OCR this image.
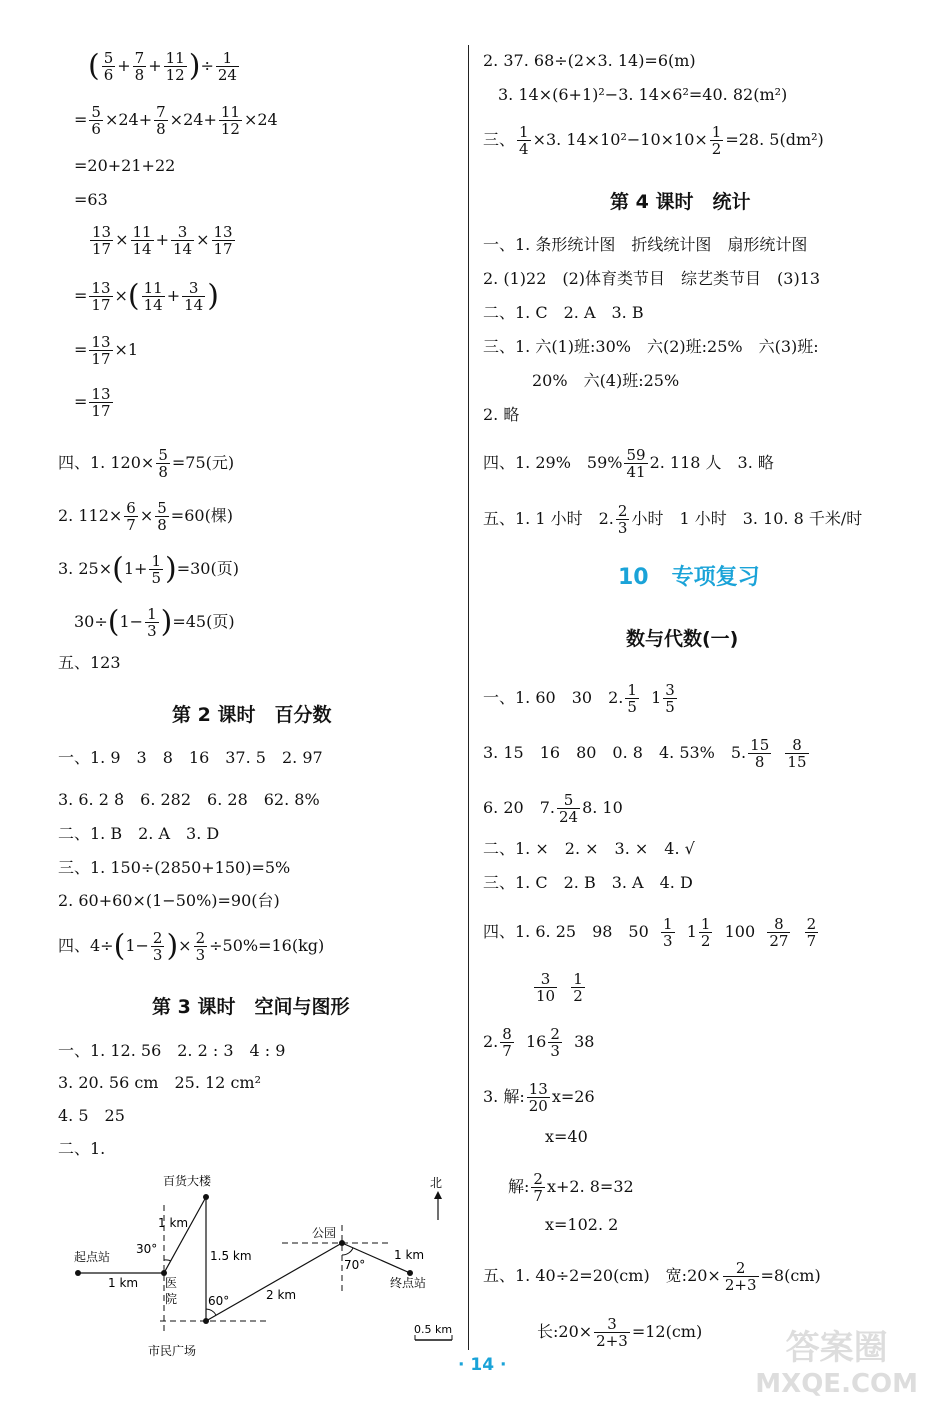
( $\frac{5}{6} + \frac{7}{8} + \frac{11}{12}$ )÷ $\frac{1}{24}$
= $\frac{5}{6} \times 24+ \frac{7}{8} \times 24+ \frac{11}{12} \times 24$
=20+21+22
=63
$\frac{13}{17} \times \frac{11}{14} + \frac{3}{14} \times \frac{13}{17}$
= $\frac{13}{17}$ ×( $\frac{11}{14} + \frac{3}{14}$ )
= $\frac{13}{17} \times 1$
= $\frac{13}{17}$
四、1. $120\times \frac{5}{8} =75$(元)
2. $112\times \frac{6}{7} \times \frac{5}{8} =60$(棵)
3. $25\times(1+ \frac{1}{5} )=30$(页)
$30\div(1- \frac{1}{3} )=45$(页)
五、123
第 2 课时　百分数
一、1. 9　3　8　16　37. 5　2. 97
3. 6. 2 8̇　6. 282　6. 28　62. 8%
二、1. B　2. A　3. D
三、1. 150÷(2850+150)=5%
2. 60+60×(1−50%)=90(台)
四、$4\div(1- \frac{2}{3}$ )× $\frac{2}{3} \div 50\%=16(kg)$
第 3 课时　空间与图形
一、1. 12. 56　2. 2 : 3　4 : 9
3. 20. 56 cm　25. 12 cm²
4. 5　25
二、1.
百货大楼
起点站
医
院
市民广场
公园
终点站
北
1 km
1 km
1.5 km
2 km
1 km
30°
60°
70°
0.5 km
2. 37. 68÷(2×3. 14)=6(m)
3. 14×(6+1)²−3. 14×6²=40. 82(m²)
三、 $\frac{1}{4} \times 3$. $14\times 10^2-10\times 10\times \frac{1}{2} =28$. 5(dm²)
第 4 课时　统计
一、1. 条形统计图　折线统计图　扇形统计图
2. (1)22　(2)体育类节目　综艺类节目　(3)13
二、1. C　2. A　3. B
三、1. 六(1)班:30%　六(2)班:25%　六(3)班:
20%　六(4)班:25%
2. 略
四、1. 29%　$59\% \frac{59}{41} 2$. 118 人　3. 略
五、1. 1 小时　2. $\frac{2}{3}$ 小时　1 小时　3. 10. 8 千米/时
10 专项复习
数与代数(一)
一、1. 60　30　2. $\frac{1}{5} 1 \frac{3}{5}$
3. 15　16　80　0. 8　4. 53%　5. $\frac{15}{8}$
$\frac{8}{15}$
6. 20　7. $\frac{5}{24} 8$. 10
二、1. ×　2. ×　3. ×　4. √
三、1. C　2. B　3. A　4. D
四、1. 6. 25　98　$50 \frac{1}{3} 1 \frac{1}{2} 100 \frac{8}{27}$
$\frac{2}{7}$
$\frac{3}{10}$
$\frac{1}{2}$
2. $\frac{8}{7} 16 \frac{2}{3} 38$
3. 解: $\frac{13}{20} x=26$
x=40
解: $\frac{2}{7} x+2$. 8=32
x=102. 2
五、1. 40÷2=20(cm)　宽:20× $\frac{2}{2+3} =8(cm)$
长:20× $\frac{3}{2+3} =12(cm)$
· 14 ·	答案圈
MXQE.COM
